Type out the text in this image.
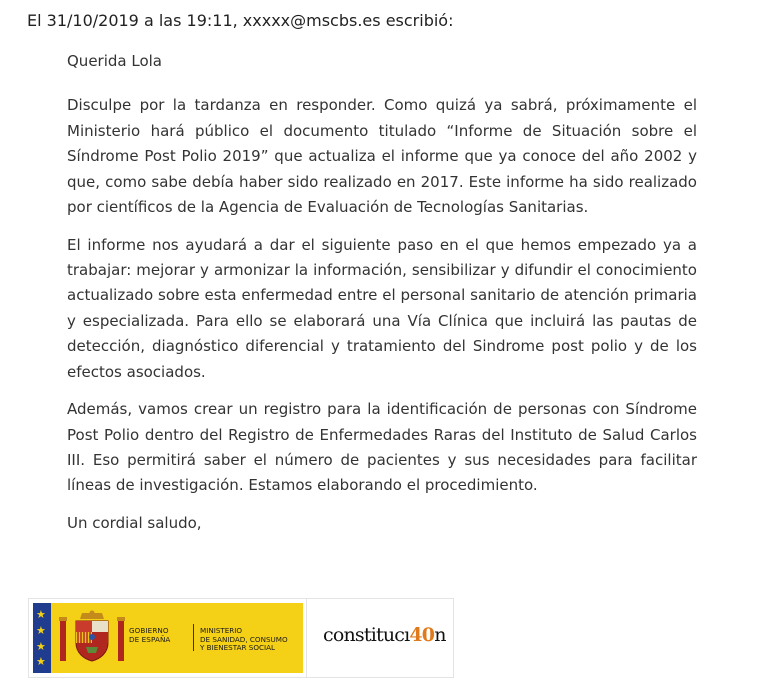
El 31/10/2019 a las 19:11, xxxxx@mscbs.es escribió:

Querida Lola

Disculpe por la tardanza en responder. Como quizá ya sabrá, próximamente el Ministerio hará público el documento titulado “Informe de Situación sobre el Síndrome Post Polio 2019” que actualiza el informe que ya conoce del año 2002 y que, como sabe debía haber sido realizado en 2017. Este informe ha sido realizado por científicos de la Agencia de Evaluación de Tecnologías Sanitarias.

El informe nos ayudará a dar el siguiente paso en el que hemos empezado ya a trabajar: mejorar y armonizar la información, sensibilizar y difundir el conocimiento actualizado sobre esta enfermedad entre el personal sanitario de atención primaria y especializada. Para ello se elaborará una Vía Clínica que incluirá las pautas de detección, diagnóstico diferencial y tratamiento del Sindrome post polio y de los efectos asociados.

Además, vamos crear un registro para la identificación de personas con Síndrome Post Polio dentro del Registro de Enfermedades Raras del Instituto de Salud Carlos III. Eso permitirá saber el número de pacientes y sus necesidades para facilitar líneas de investigación. Estamos elaborando el procedimiento.

Un cordial saludo,

★
★
★
★
GOBIERNO
DE ESPAÑA
MINISTERIO
DE SANIDAD, CONSUMO
Y BIENESTAR SOCIAL
constitucı40n
